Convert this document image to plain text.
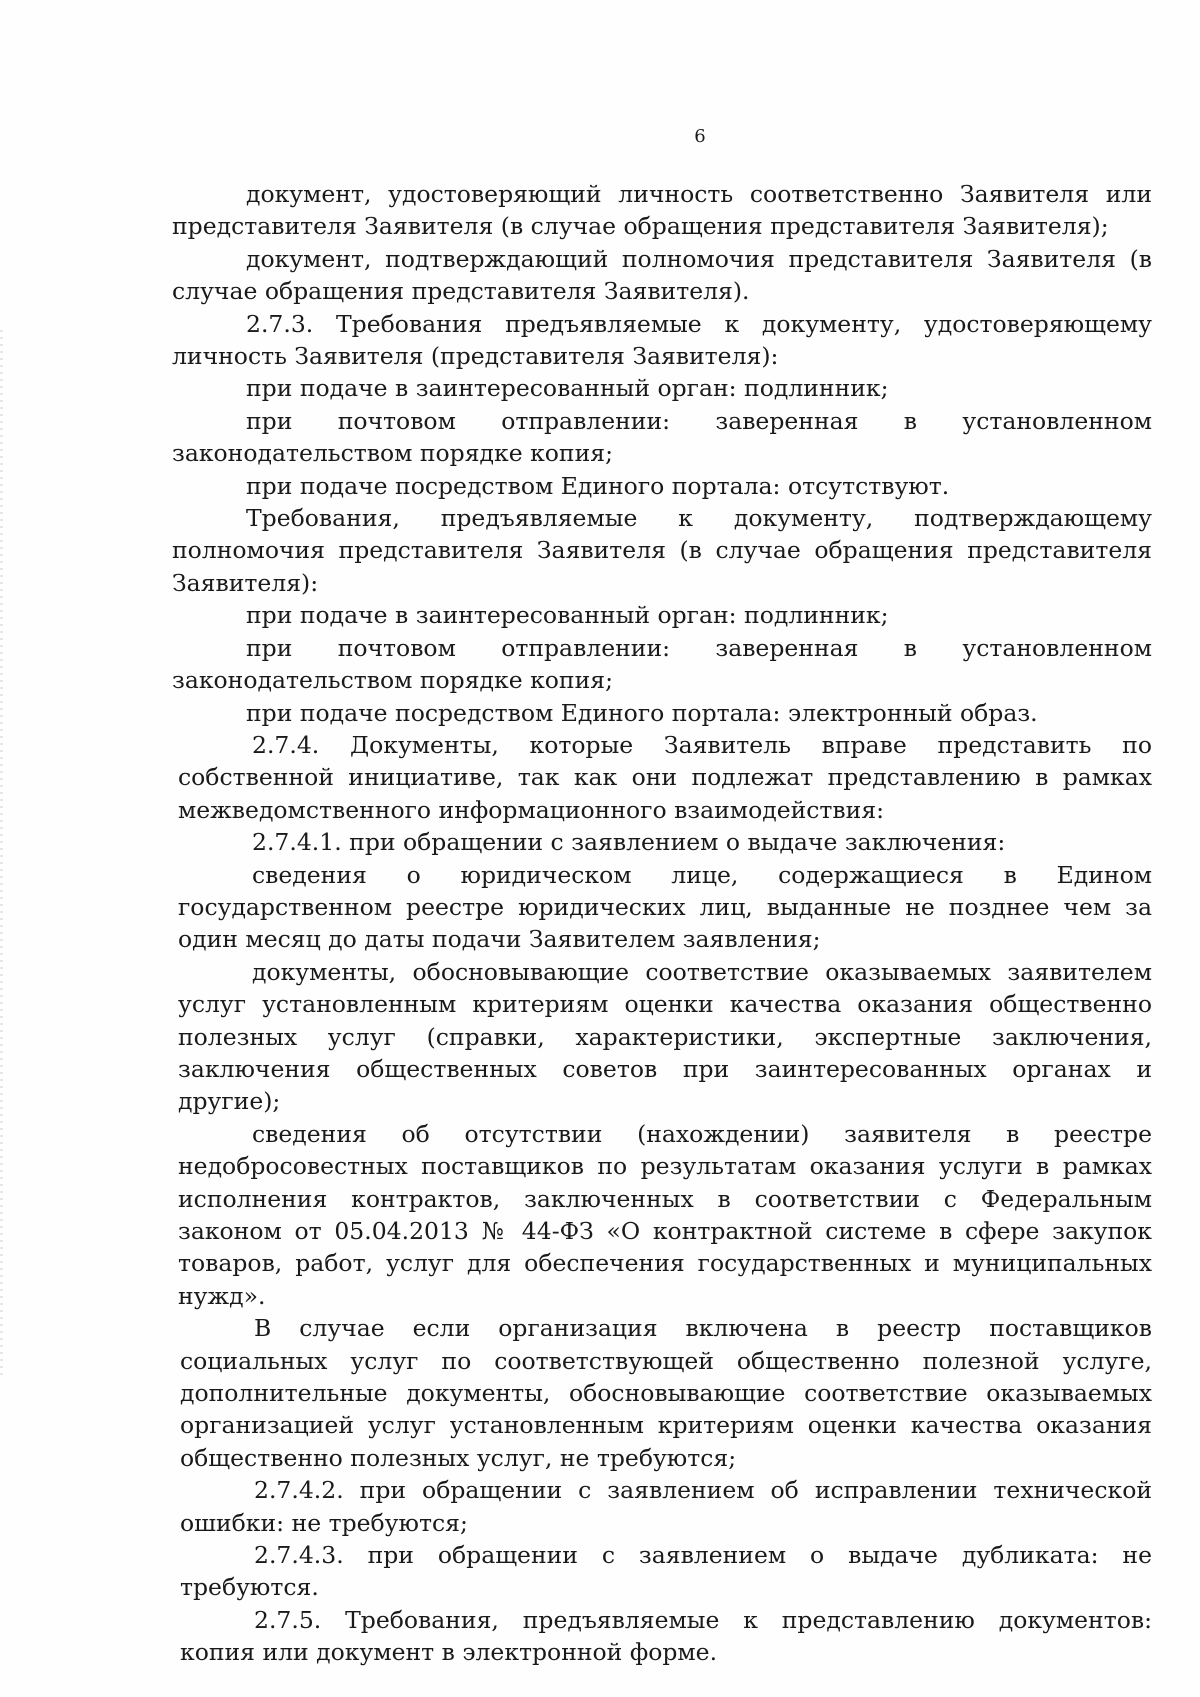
6

документ, удостоверяющий личность соответственно Заявителя или представителя Заявителя (в случае обращения представителя Заявителя);

документ, подтверждающий полномочия представителя Заявителя (в случае обращения представителя Заявителя).

2.7.3. Требования предъявляемые к документу, удостоверяющему личность Заявителя (представителя Заявителя):

при подаче в заинтересованный орган: подлинник;

при почтовом отправлении: заверенная в установленном законодательством порядке копия;

при подаче посредством Единого портала: отсутствуют.

Требования, предъявляемые к документу, подтверждающему полномочия представителя Заявителя (в случае обращения представителя Заявителя):

при подаче в заинтересованный орган: подлинник;

при почтовом отправлении: заверенная в установленном законодательством порядке копия;

при подаче посредством Единого портала: электронный образ.

2.7.4. Документы, которые Заявитель вправе представить по собственной инициативе, так как они подлежат представлению в рамках межведомственного информационного взаимодействия:

2.7.4.1. при обращении с заявлением о выдаче заключения:

сведения о юридическом лице, содержащиеся в Едином государственном реестре юридических лиц, выданные не позднее чем за один месяц до даты подачи Заявителем заявления;

документы, обосновывающие соответствие оказываемых заявителем услуг установленным критериям оценки качества оказания общественно полезных услуг (справки, характеристики, экспертные заключения, заключения общественных советов при заинтересованных органах и другие);

сведения об отсутствии (нахождении) заявителя в реестре недобросовестных поставщиков по результатам оказания услуги в рамках исполнения контрактов, заключенных в соответствии с Федеральным законом от 05.04.2013 № 44-ФЗ «О контрактной системе в сфере закупок товаров, работ, услуг для обеспечения государственных и муниципальных нужд».

В случае если организация включена в реестр поставщиков социальных услуг по соответствующей общественно полезной услуге, дополнительные документы, обосновывающие соответствие оказываемых организацией услуг установленным критериям оценки качества оказания общественно полезных услуг, не требуются;

2.7.4.2. при обращении с заявлением об исправлении технической ошибки: не требуются;

2.7.4.3. при обращении с заявлением о выдаче дубликата: не требуются.

2.7.5. Требования, предъявляемые к представлению документов: копия или документ в электронной форме.
